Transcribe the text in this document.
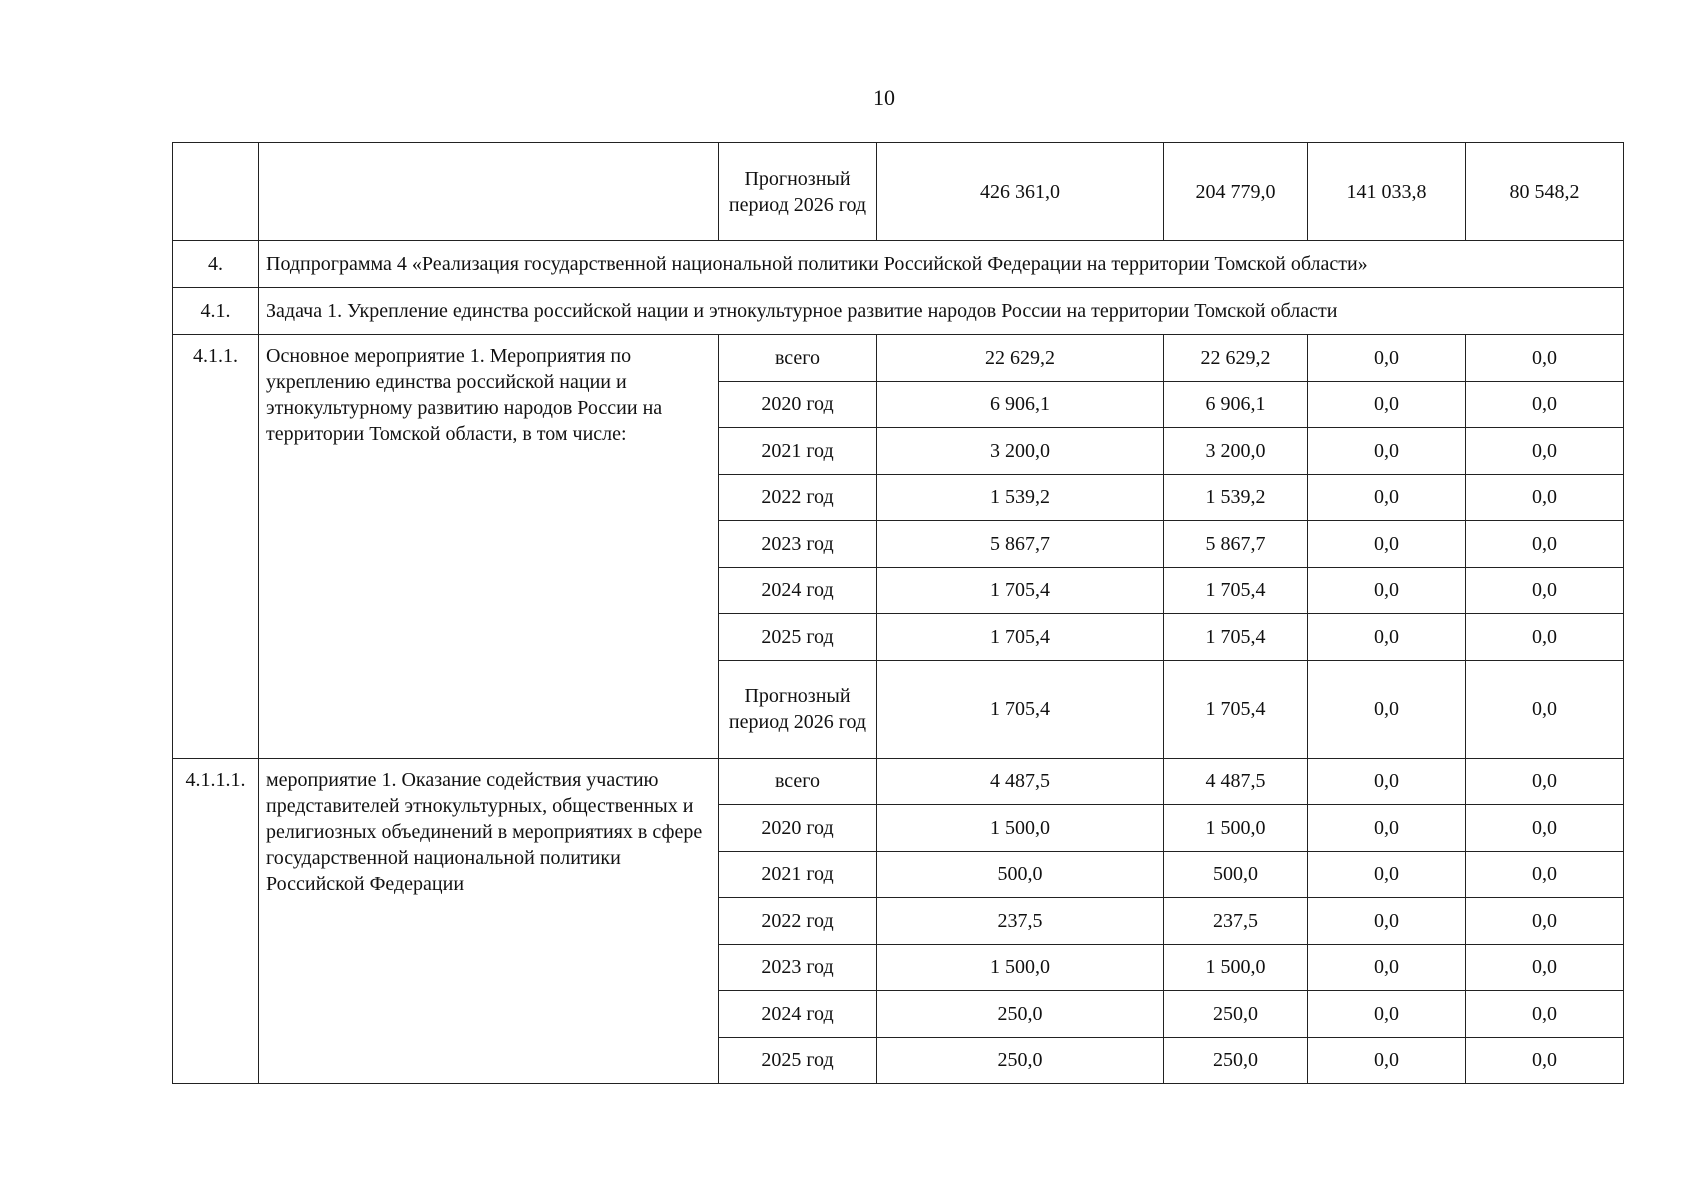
10
		Прогнозный период 2026 год	426 361,0	204 779,0	141 033,8	80 548,2
4.	Подпрограмма 4 «Реализация государственной национальной политики Российской Федерации на территории Томской области»					
4.1.	Задача 1. Укрепление единства российской нации и этнокультурное развитие народов России на территории Томской области					
4.1.1.	Основное мероприятие 1. Мероприятия по укреплению единства российской нации и этнокультурному развитию народов России на территории Томской области, в том числе:	всего	22 629,2	22 629,2	0,0	0,0
		2020 год	6 906,1	6 906,1	0,0	0,0
		2021 год	3 200,0	3 200,0	0,0	0,0
		2022 год	1 539,2	1 539,2	0,0	0,0
		2023 год	5 867,7	5 867,7	0,0	0,0
		2024 год	1 705,4	1 705,4	0,0	0,0
		2025 год	1 705,4	1 705,4	0,0	0,0
		Прогнозный период 2026 год	1 705,4	1 705,4	0,0	0,0
4.1.1.1.	мероприятие 1. Оказание содействия участию представителей этнокультурных, общественных и религиозных объединений в мероприятиях в сфере государственной национальной политики Российской Федерации	всего	4 487,5	4 487,5	0,0	0,0
		2020 год	1 500,0	1 500,0	0,0	0,0
		2021 год	500,0	500,0	0,0	0,0
		2022 год	237,5	237,5	0,0	0,0
		2023 год	1 500,0	1 500,0	0,0	0,0
		2024 год	250,0	250,0	0,0	0,0
		2025 год	250,0	250,0	0,0	0,0
